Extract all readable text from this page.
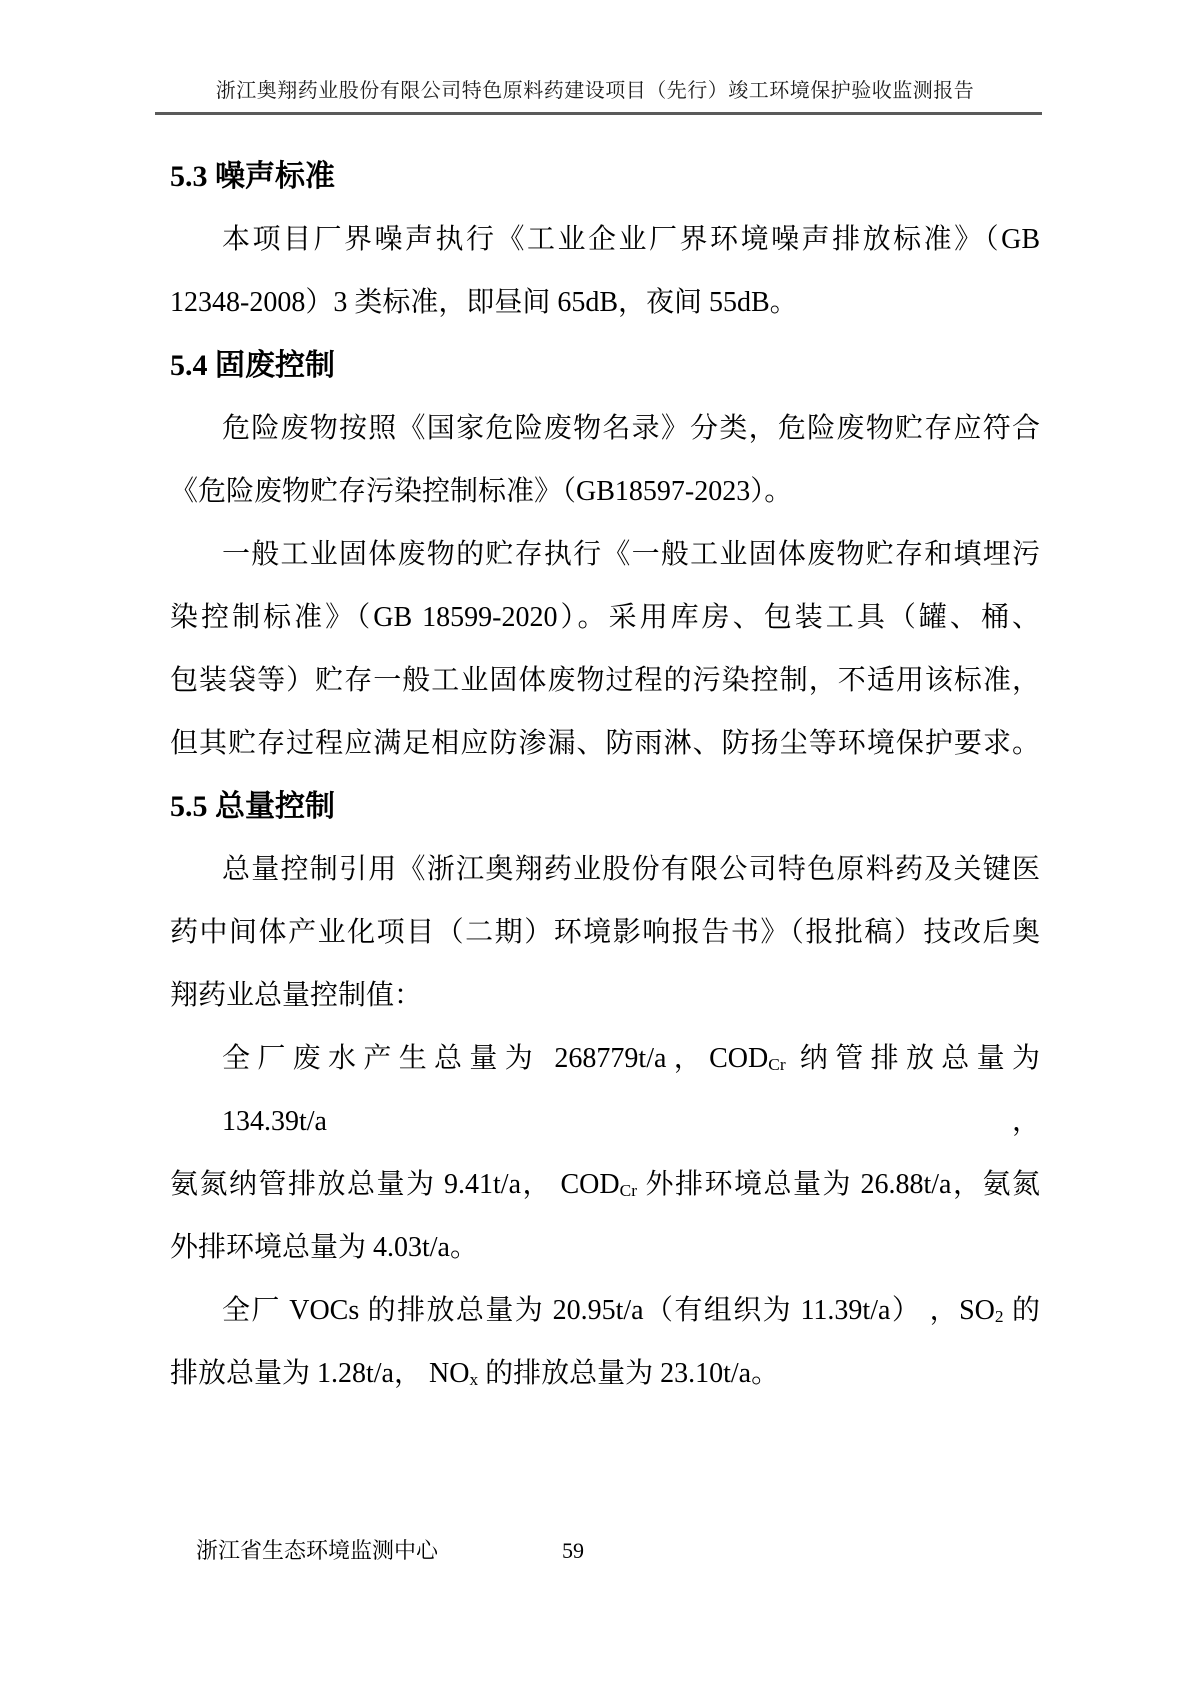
浙江奥翔药业股份有限公司特色原料药建设项目（先行）竣工环境保护验收监测报告
5.3 噪声标准
本项目厂界噪声执行《工业企业厂界环境噪声排放标准》（GB
12348-2008）3 类标准，即昼间 65dB，夜间 55dB。
5.4 固废控制
危险废物按照《国家危险废物名录》分类，危险废物贮存应符合
《危险废物贮存污染控制标准》（GB18597-2023）。
一般工业固体废物的贮存执行《一般工业固体废物贮存和填埋污
染控制标准》（GB 18599-2020）。采用库房、包装工具（罐、桶、
包装袋等）贮存一般工业固体废物过程的污染控制，不适用该标准，
但其贮存过程应满足相应防渗漏、防雨淋、防扬尘等环境保护要求。
5.5 总量控制
总量控制引用《浙江奥翔药业股份有限公司特色原料药及关键医
药中间体产业化项目（二期）环境影响报告书》（报批稿）技改后奥
翔药业总量控制值：
全厂废水产生总量为 268779t/a，$COD_{Cr}$ 纳管排放总量为 134.39t/a，
氨氮纳管排放总量为 9.41t/a， $COD_{Cr}$ 外排环境总量为 26.88t/a，氨氮
外排环境总量为 4.03t/a。
全厂 VOCs 的排放总量为 20.95t/a（有组织为 11.39t/a） ，$SO_2$ 的
排放总量为 1.28t/a， $NO_x$ 的排放总量为 23.10t/a。
浙江省生态环境监测中心	59
